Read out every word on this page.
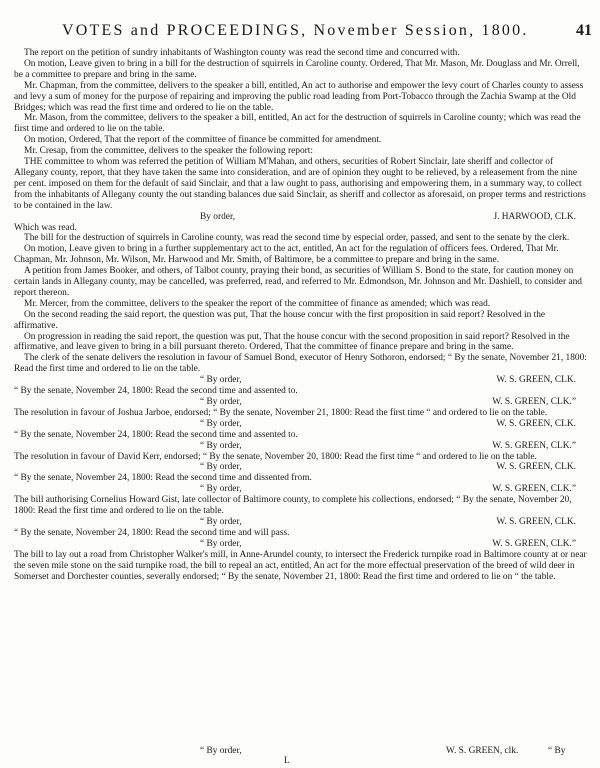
VOTES and PROCEEDINGS, November Session, 1800.	41

The report on the petition of sundry inhabitants of Washington county was read the second time and concurred with.

On motion, Leave given to bring in a bill for the destruction of squirrels in Caroline county. Ordered, That Mr. Mason, Mr. Douglass and Mr. Orrell, be a committee to prepare and bring in the same.

Mr. Chapman, from the committee, delivers to the speaker a bill, entitled, An act to authorise and empower the levy court of Charles county to assess and levy a sum of money for the purpose of repairing and improving the public road leading from Port-Tobacco through the Zachia Swamp at the Old Bridges; which was read the first time and ordered to lie on the table.

Mr. Mason, from the committee, delivers to the speaker a bill, entitled, An act for the destruction of squirrels in Caroline county; which was read the first time and ordered to lie on the table.

On motion, Ordered, That the report of the committee of finance be committed for amendment.

Mr. Cresap, from the committee, delivers to the speaker the following report:

THE committee to whom was referred the petition of William M'Mahan, and others, securities of Robert Sinclair, late sheriff and collector of Allegany county, report, that they have taken the same into consideration, and are of opinion they ought to be relieved, by a releasement from the nine per cent. imposed on them for the default of said Sinclair, and that a law ought to pass, authorising and empowering them, in a summary way, to collect from the inhabitants of Allegany county the out standing balances due said Sinclair, as sheriff and collector as aforesaid, on proper terms and restrictions to be contained in the law.

By order,	J. HARWOOD, CLK.

Which was read.

The bill for the destruction of squirrels in Caroline county, was read the second time by especial order, passed, and sent to the senate by the clerk.

On motion, Leave given to bring in a further supplementary act to the act, entitled, An act for the regulation of officers fees. Ordered, That Mr. Chapman, Mr. Johnson, Mr. Wilson, Mr. Harwood and Mr. Smith, of Baltimore, be a committee to prepare and bring in the same.

A petition from James Booker, and others, of Talbot county, praying their bond, as securities of William S. Bond to the state, for caution money on certain lands in Allegany county, may be cancelled, was preferred, read, and referred to Mr. Edmondson, Mr. Johnson and Mr. Dashiell, to consider and report thereon.

Mr. Mercer, from the committee, delivers to the speaker the report of the committee of finance as amended; which was read.

On the second reading the said report, the question was put, That the house concur with the first proposition in said report? Resolved in the affirmative.

On progression in reading the said report, the question was put, That the house concur with the second proposition in said report? Resolved in the affirmative, and leave given to bring in a bill pursuant thereto. Ordered, That the committee of finance prepare and bring in the same.

The clerk of the senate delivers the resolution in favour of Samuel Bond, executor of Henry Sothoron, endorsed; “ By the senate, November 21, 1800: Read the first time and ordered to lie on the table.

“ By order,	W. S. GREEN, CLK.

“ By the senate, November 24, 1800: Read the second time and assented to.

“ By order,	W. S. GREEN, CLK.”

The resolution in favour of Joshua Jarboe, endorsed; “ By the senate, November 21, 1800: Read the first time “ and ordered to lie on the table.

“ By order,	W. S. GREEN, CLK.

“ By the senate, November 24, 1800: Read the second time and assented to.

“ By order,	W. S. GREEN, CLK.”

The resolution in favour of David Kerr, endorsed; “ By the senate, November 20, 1800: Read the first time “ and ordered to lie on the table.

“ By order,	W. S. GREEN, CLK.

“ By the senate, November 24, 1800: Read the second time and dissented from.

“ By order,	W. S. GREEN, CLK.”

The bill authorising Cornelius Howard Gist, late collector of Baltimore county, to complete his collections, endorsed; “ By the senate, November 20, 1800: Read the first time and ordered to lie on the table.

“ By order,	W. S. GREEN, CLK.

“ By the senate, November 24, 1800: Read the second time and will pass.

“ By order,	W. S. GREEN, CLK.”

The bill to lay out a road from Christopher Walker's mill, in Anne-Arundel county, to intersect the Frederick turnpike road in Baltimore county at or near the seven mile stone on the said turnpike road, the bill to repeal an act, entitled, An act for the more effectual preservation of the breed of wild deer in Somerset and Dorchester counties, severally endorsed; “ By the senate, November 21, 1800: Read the first time and ordered to lie on “ the table.

“ By order,	W. S. GREEN, clk.
L
“ By
